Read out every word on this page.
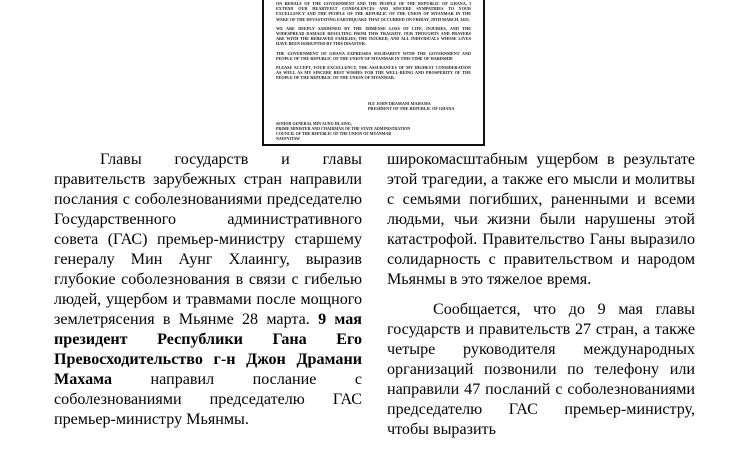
ON BEHALF OF THE GOVERNMENT AND THE PEOPLE OF THE REPUBLIC OF GHANA, I EXTEND OUR HEARTFELT CONDOLENCES AND SINCERE SYMPATHIES TO YOUR EXCELLENCY AND THE PEOPLE OF THE REPUBLIC OF THE UNION OF MYANMAR IN THE WAKE OF THE DEVASTATING EARTHQUAKE THAT OCCURRED ON FRIDAY, 28TH MARCH, 2025.

WE ARE DEEPLY SADDENED BY THE IMMENSE LOSS OF LIFE, INJURIES, AND THE WIDESPREAD DAMAGE RESULTING FROM THIS TRAGEDY. OUR THOUGHTS AND PRAYERS ARE WITH THE BEREAVED FAMILIES, THE INJURED, AND ALL INDIVIDUALS WHOSE LIVES HAVE BEEN DISRUPTED BY THIS DISASTER.

THE GOVERNMENT OF GHANA EXPRESSES SOLIDARITY WITH THE GOVERNMENT AND PEOPLE OF THE REPUBLIC OF THE UNION OF MYANMAR IN THIS TIME OF HARDSHIP.

PLEASE ACCEPT, YOUR EXCELLENCY, THE ASSURANCES OF MY HIGHEST CONSIDERATION AS WELL AS MY SINCERE BEST WISHES FOR THE WELL-BEING AND PROSPERITY OF THE PEOPLE OF THE REPUBLIC OF THE UNION OF MYANMAR.

H.E JOHN DRAMANI MAHAMA
PRESIDENT OF THE REPUBLIC OF GHANA
SENIOR GENERAL MIN AUNG HLAING,
PRIME MINISTER AND CHAIRMAN OF THE STATE ADMINISTRATION
COUNCIL OF THE REPUBLIC OF THE UNION OF MYANMAR
NAYPYITAW

Главы государств и главы правительств зарубежных стран направили послания с соболезнованиями председателю Государственного административного совета (ГАС) премьер-министру старшему генералу Мин Аунг Хлаингу, выразив глубокие соболезнования в связи с гибелью людей, ущербом и травмами после мощного землетрясения в Мьянме 28 марта. 9 мая президент Республики Гана Его Превосходительство г-н Джон Драмани Махама направил послание с соболезнованиями председателю ГАС премьер-министру Мьянмы.

широкомасштабным ущербом в результате этой трагедии, а также его мысли и молитвы с семьями погибших, раненными и всеми людьми, чьи жизни были нарушены этой катастрофой. Правительство Ганы выразило солидарность с правительством и народом Мьянмы в это тяжелое время.

Сообщается, что до 9 мая главы государств и правительств 27 стран, а также четыре руководителя международных организаций позвонили по телефону или направили 47 посланий с соболезнованиями председателю ГАС премьер-министру, чтобы выразить
